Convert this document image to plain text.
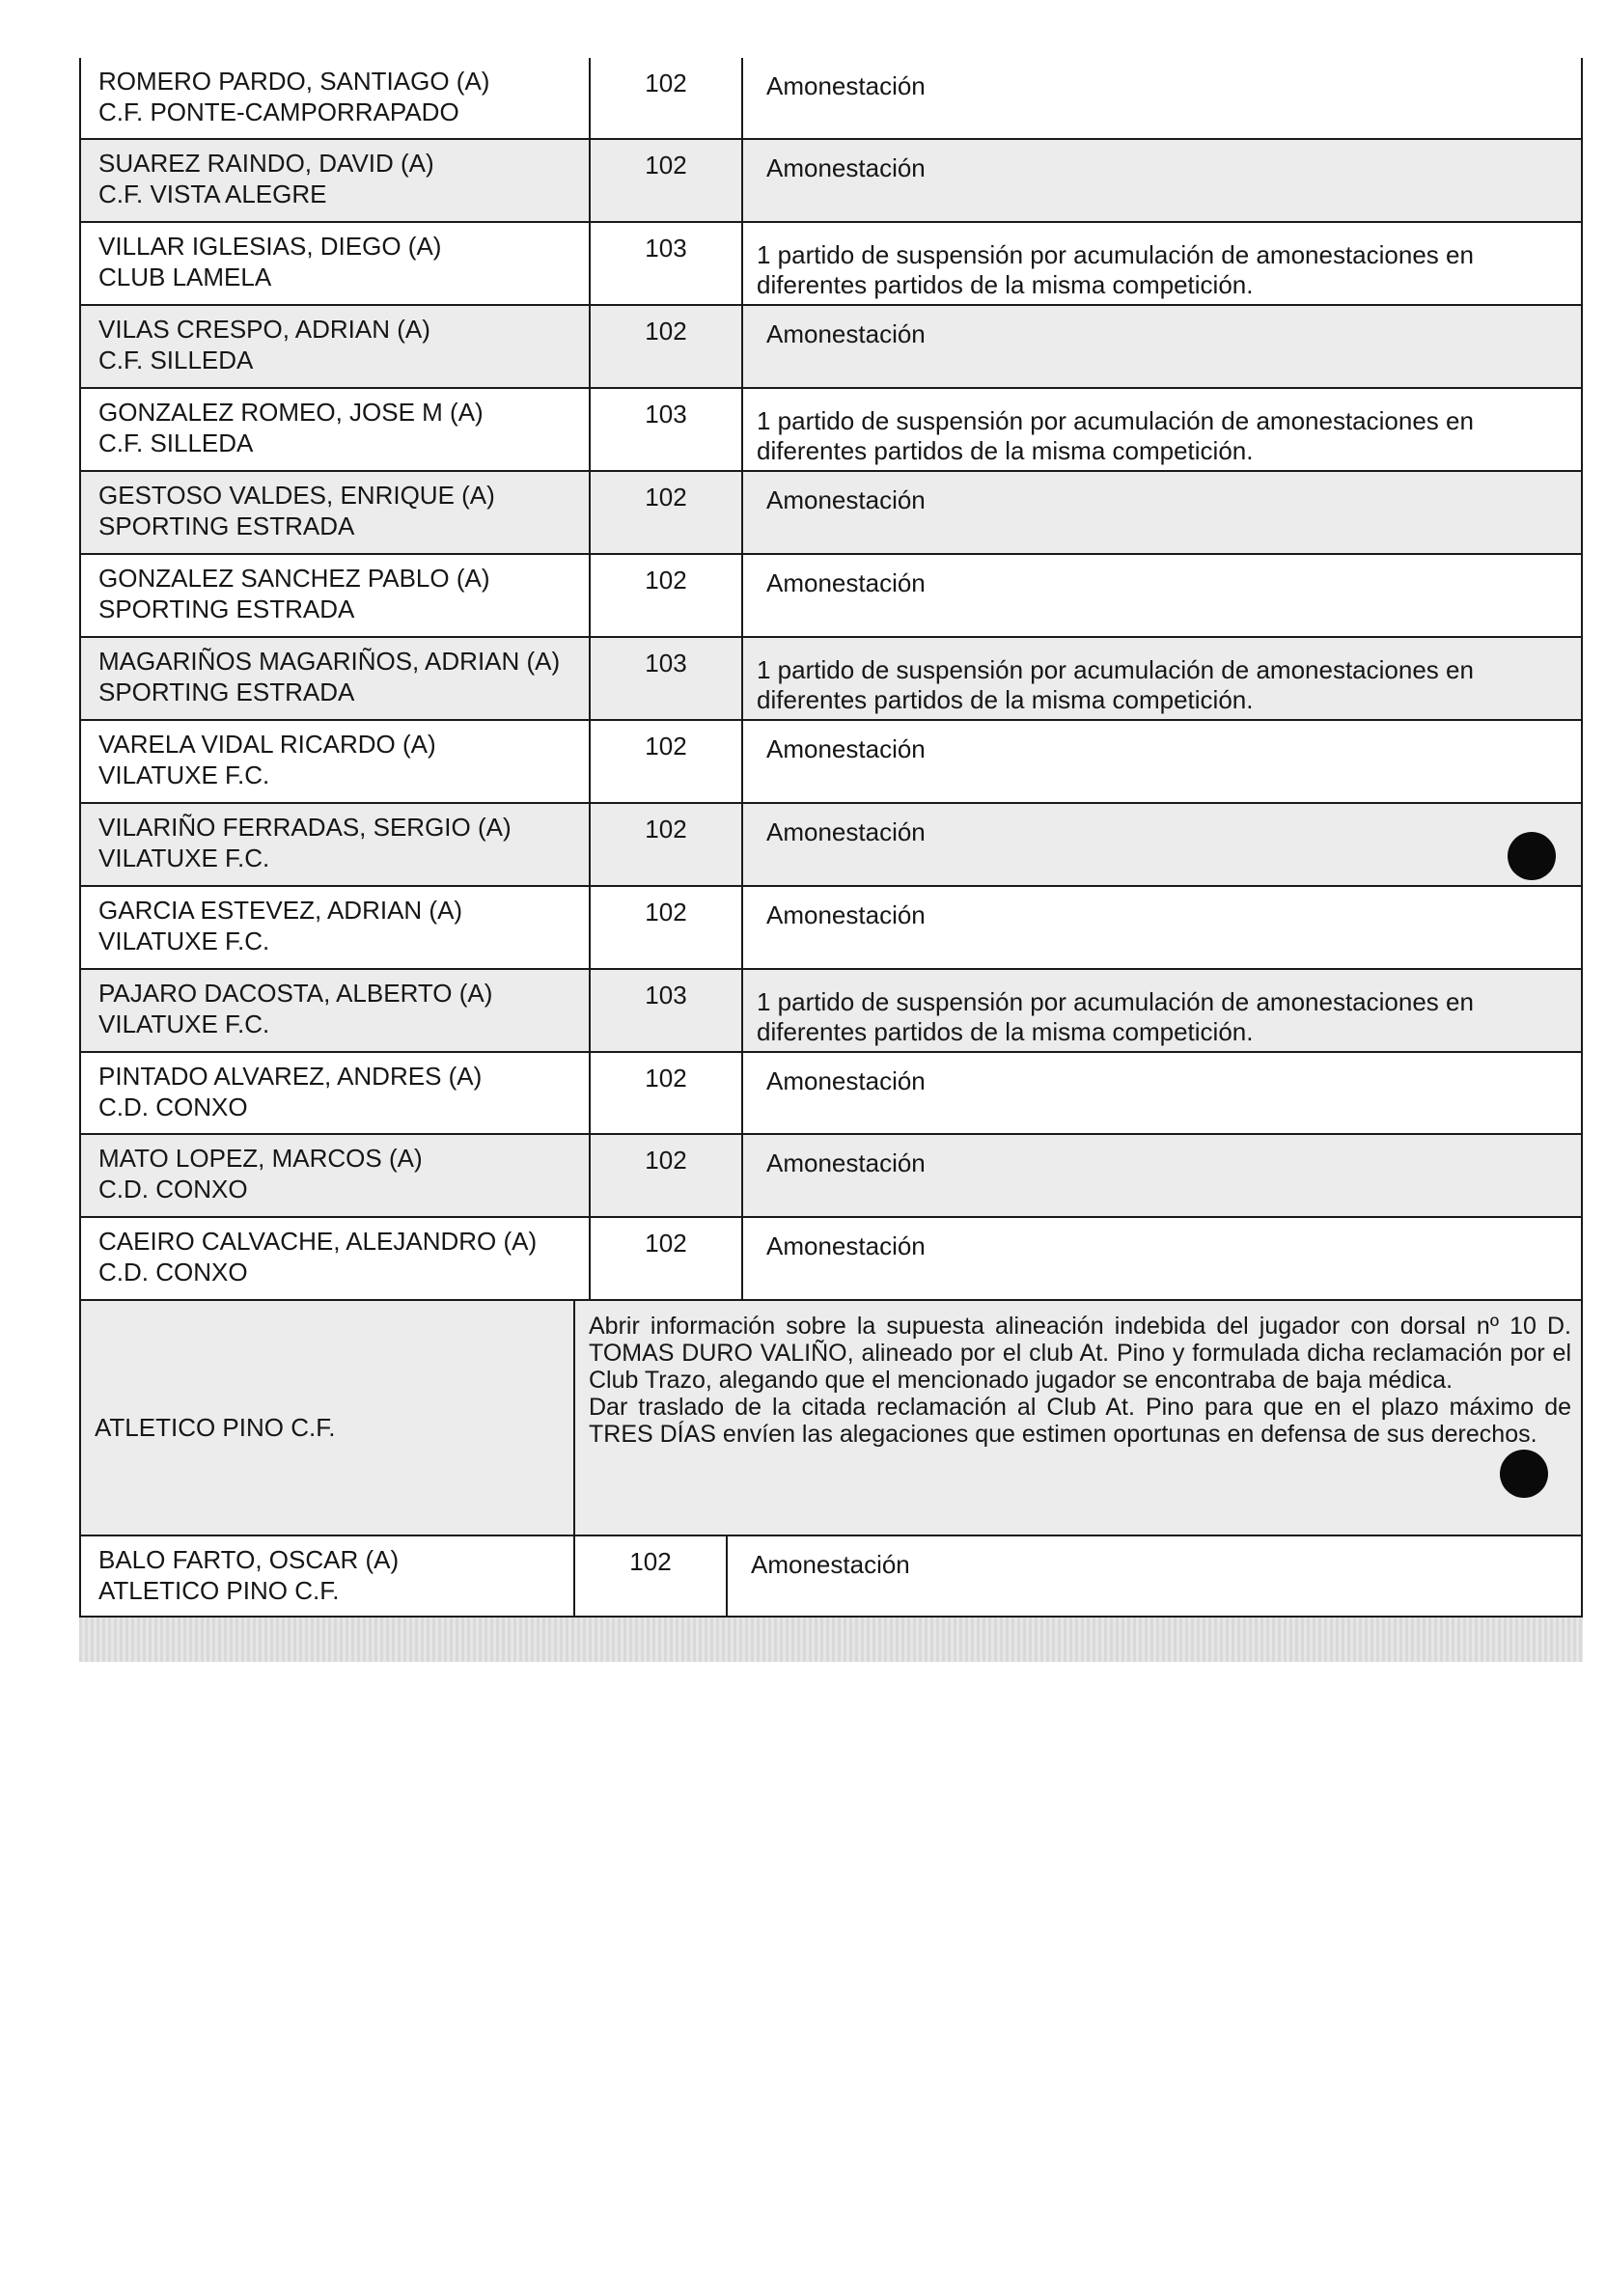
ROMERO PARDO, SANTIAGO (A)
C.F. PONTE-CAMPORRAPADO
102	Amonestación
SUAREZ RAINDO, DAVID (A)
C.F. VISTA ALEGRE
102	Amonestación
VILLAR IGLESIAS, DIEGO (A)
CLUB LAMELA
103	1 partido de suspensión por acumulación de amonestaciones en diferentes partidos de la misma competición.
VILAS CRESPO, ADRIAN (A)
C.F. SILLEDA
102	Amonestación
GONZALEZ ROMEO, JOSE M (A)
C.F. SILLEDA
103	1 partido de suspensión por acumulación de amonestaciones en diferentes partidos de la misma competición.
GESTOSO VALDES, ENRIQUE (A)
SPORTING ESTRADA
102	Amonestación
GONZALEZ SANCHEZ PABLO (A)
SPORTING ESTRADA
102	Amonestación
MAGARIÑOS MAGARIÑOS, ADRIAN (A)
SPORTING ESTRADA
103	1 partido de suspensión por acumulación de amonestaciones en diferentes partidos de la misma competición.
VARELA VIDAL RICARDO (A)
VILATUXE F.C.
102	Amonestación
VILARIÑO FERRADAS, SERGIO (A)
VILATUXE F.C.
102	Amonestación
GARCIA ESTEVEZ, ADRIAN (A)
VILATUXE F.C.
102	Amonestación
PAJARO DACOSTA, ALBERTO (A)
VILATUXE F.C.
103	1 partido de suspensión por acumulación de amonestaciones en diferentes partidos de la misma competición.
PINTADO ALVAREZ, ANDRES (A)
C.D. CONXO
102	Amonestación
MATO LOPEZ, MARCOS (A)
C.D. CONXO
102	Amonestación
CAEIRO CALVACHE, ALEJANDRO (A)
C.D. CONXO
102	Amonestación
ATLETICO PINO C.F.

Abrir información sobre la supuesta alineación indebida del jugador con dorsal nº 10 D. TOMAS DURO VALIÑO, alineado por el club At. Pino y formulada dicha reclamación por el Club Trazo, alegando que el mencionado jugador se encontraba de baja médica.

Dar traslado de la citada reclamación al Club At. Pino para que en el plazo máximo de TRES DÍAS envíen las alegaciones que estimen oportunas en defensa de sus derechos.

BALO FARTO, OSCAR (A)
ATLETICO PINO C.F.
102	Amonestación
